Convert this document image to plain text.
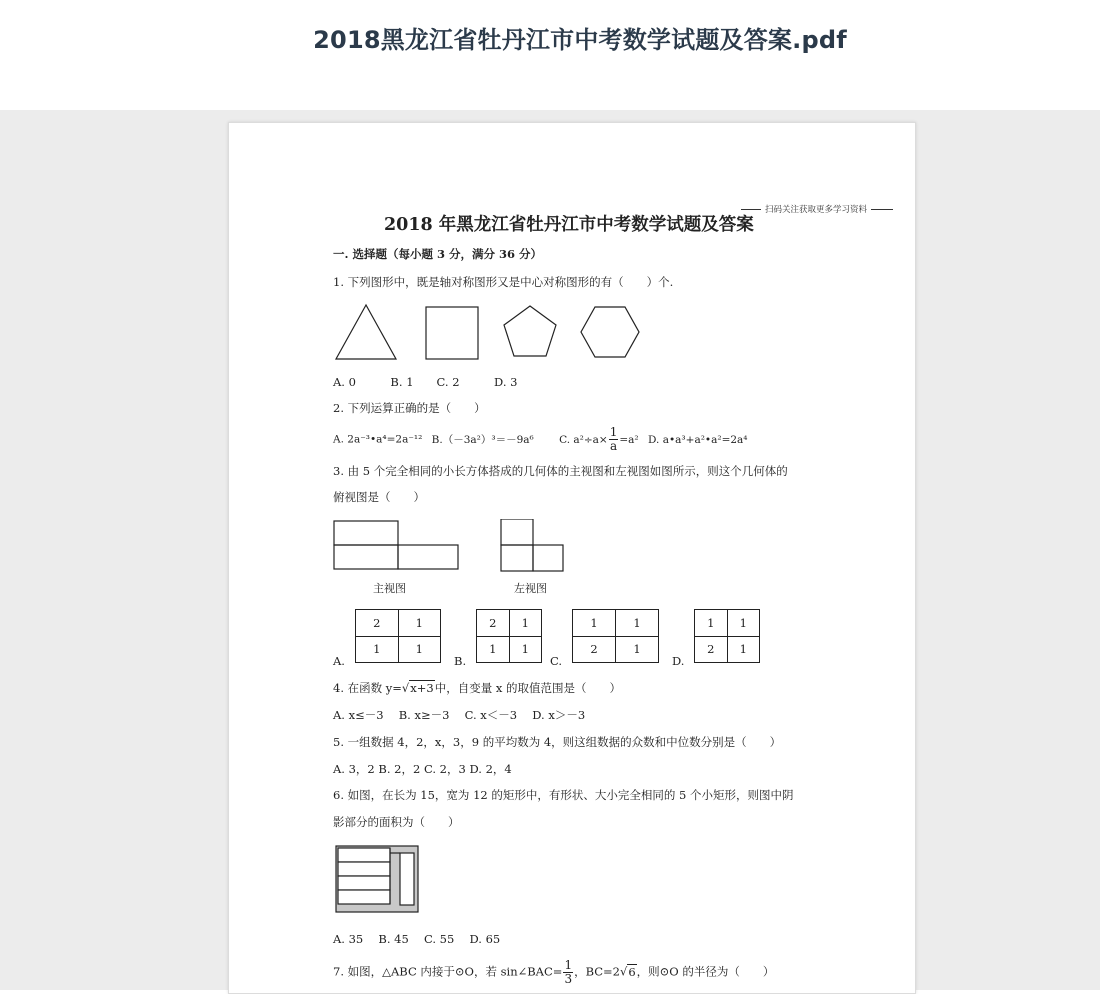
2018黑龙江省牡丹江市中考数学试题及答案.pdf
扫码关注获取更多学习资料
2018 年黑龙江省牡丹江市中考数学试题及答案
一. 选择题（每小题 3 分，满分 36 分）
1. 下列图形中，既是轴对称图形又是中心对称图形的有（　　）个.
A. 0　　　B. 1　　C. 2　　　D. 3
2. 下列运算正确的是（　　）
A. 2a⁻³•a⁴=2a⁻¹² B.（－3a²）³＝－9a⁶ C. $a^2\div a\times \frac{1}{a} =a^2$ D. a•a³+a²•a²=2a⁴
3. 由 5 个完全相同的小长方体搭成的几何体的主视图和左视图如图所示，则这个几何体的
俯视图是（　　）
主视图	左视图
2	1
1	1
A.
2	1
1	1
B.
1	1
2	1
C.
1	1
2	1
D.
4. 在函数 y=√x+3中，自变量 x 的取值范围是（　　）
A. x≤－3　 B. x≥－3　 C. x＜－3　 D. x＞－3
5. 一组数据 4，2，x，3，9 的平均数为 4，则这组数据的众数和中位数分别是（　　）
A. 3，2 B. 2，2 C. 2，3 D. 2，4
6. 如图，在长为 15，宽为 12 的矩形中，有形状、大小完全相同的 5 个小矩形，则图中阴
影部分的面积为（　　）
A. 35　 B. 45　 C. 55　 D. 65
7. 如图，△ABC 内接于⊙O，若 sin∠BAC= $\frac{1}{3}$ ，BC=2√6，则⊙O 的半径为（　　）
